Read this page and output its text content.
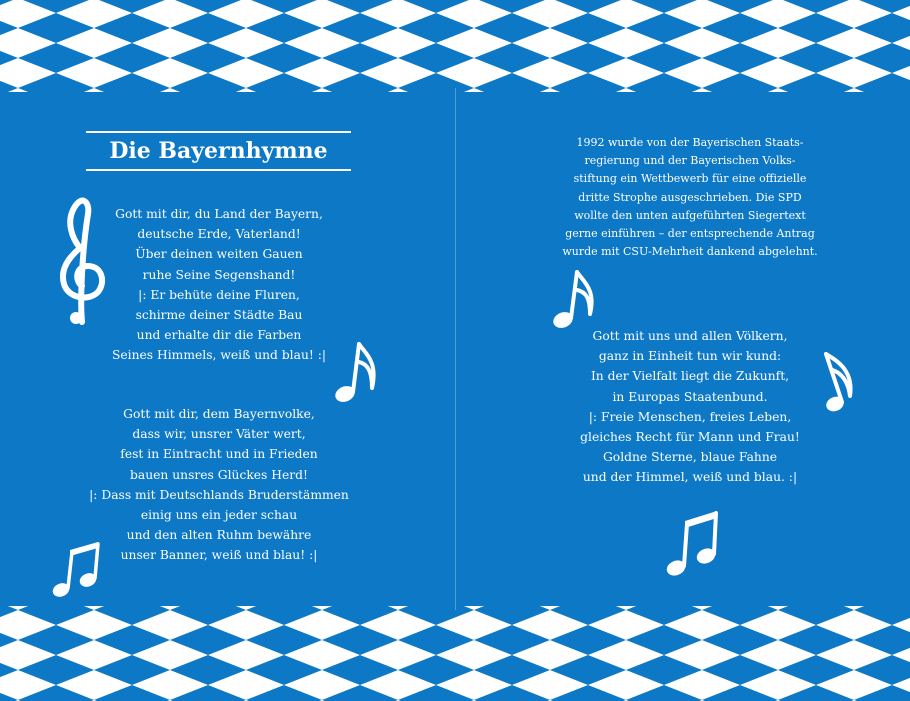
Die Bayernhymne
Gott mit dir, du Land der Bayern,
deutsche Erde, Vaterland!
Über deinen weiten Gauen
ruhe Seine Segenshand!
|: Er behüte deine Fluren,
schirme deiner Städte Bau
und erhalte dir die Farben
Seines Himmels, weiß und blau! :|
Gott mit dir, dem Bayernvolke,
dass wir, unsrer Väter wert,
fest in Eintracht und in Frieden
bauen unsres Glückes Herd!
|: Dass mit Deutschlands Bruderstämmen
einig uns ein jeder schau
und den alten Ruhm bewähre
unser Banner, weiß und blau! :|
1992 wurde von der Bayerischen Staats-
regierung und der Bayerischen Volks-
stiftung ein Wettbewerb für eine offizielle
dritte Strophe ausgeschrieben. Die SPD
wollte den unten aufgeführten Siegertext
gerne einführen – der entsprechende Antrag
wurde mit CSU-Mehrheit dankend abgelehnt.
Gott mit uns und allen Völkern,
ganz in Einheit tun wir kund:
In der Vielfalt liegt die Zukunft,
in Europas Staatenbund.
|: Freie Menschen, freies Leben,
gleiches Recht für Mann und Frau!
Goldne Sterne, blaue Fahne
und der Himmel, weiß und blau. :|
